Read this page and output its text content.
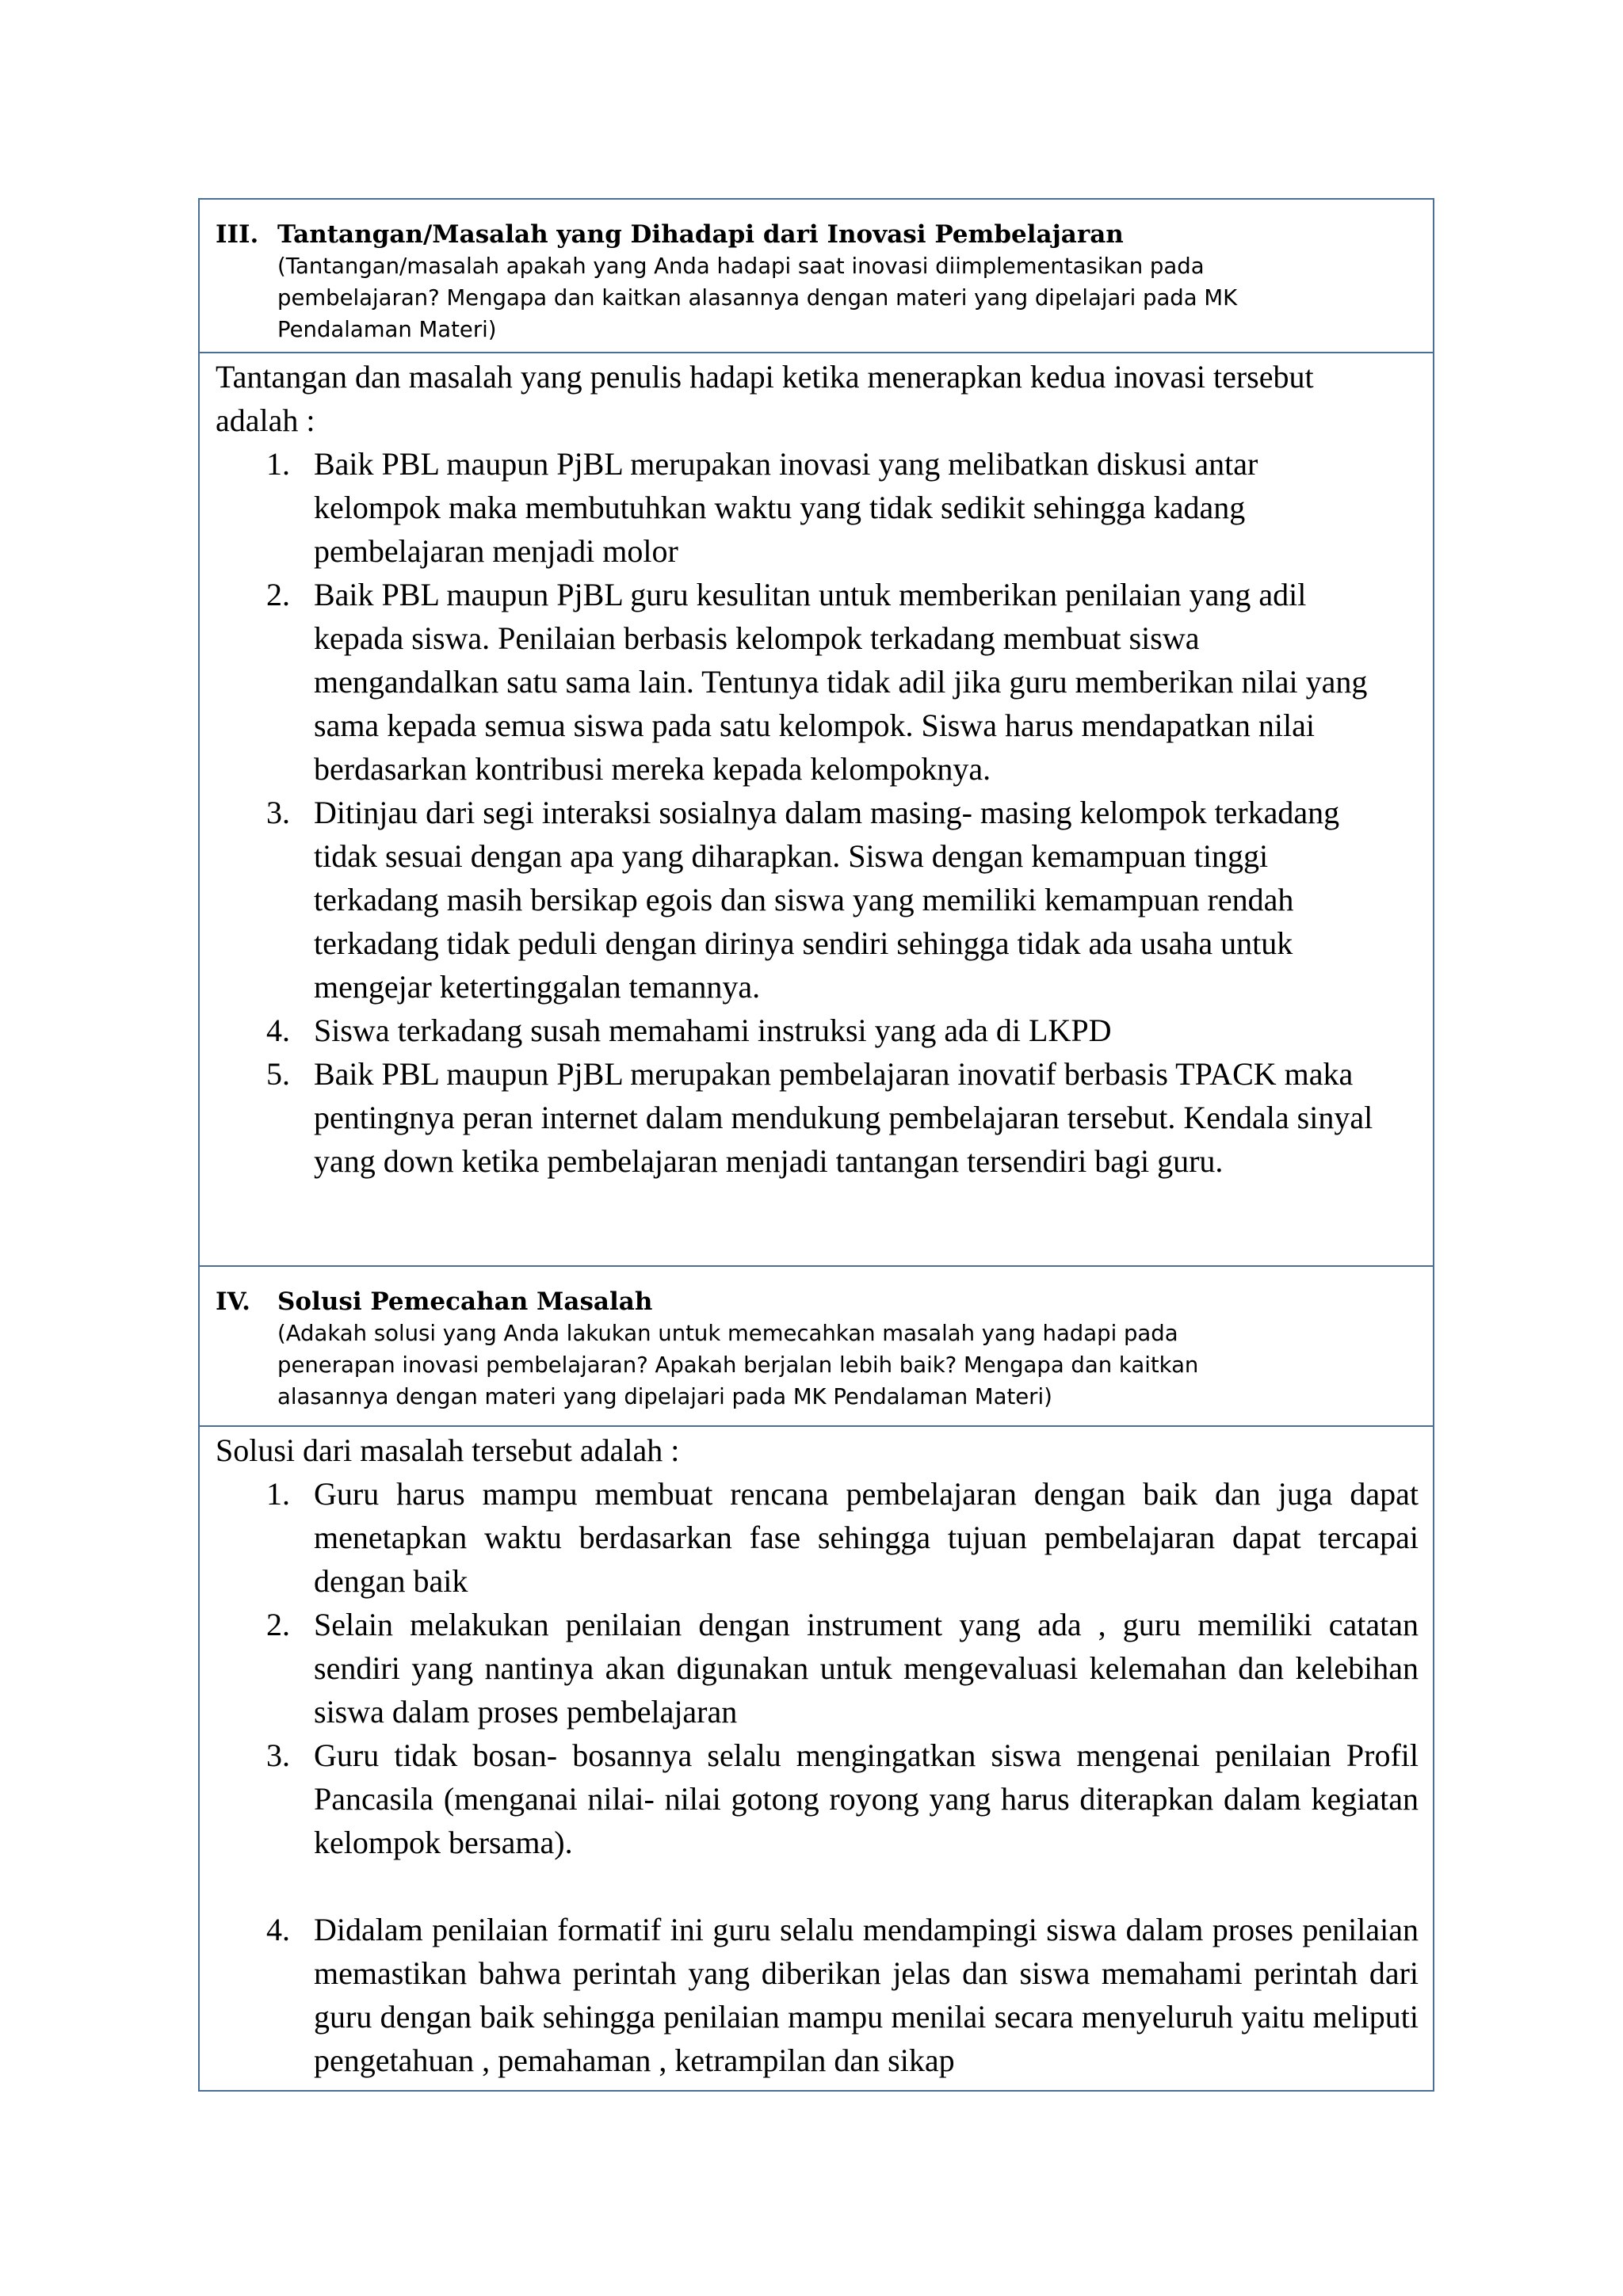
III. Tantangan/Masalah yang Dihadapi dari Inovasi Pembelajaran
(Tantangan/masalah apakah yang Anda hadapi saat inovasi diimplementasikan pada
pembelajaran? Mengapa dan kaitkan alasannya dengan materi yang dipelajari pada MK
Pendalaman Materi)
Tantangan dan masalah yang penulis hadapi ketika menerapkan kedua inovasi tersebut
adalah :
1. Baik PBL maupun PjBL merupakan inovasi yang melibatkan diskusi antar
kelompok maka membutuhkan waktu yang tidak sedikit sehingga kadang
pembelajaran menjadi molor
2. Baik PBL maupun PjBL guru kesulitan untuk memberikan penilaian yang adil
kepada siswa. Penilaian berbasis kelompok terkadang membuat siswa
mengandalkan satu sama lain. Tentunya tidak adil jika guru memberikan nilai yang
sama kepada semua siswa pada satu kelompok. Siswa harus mendapatkan nilai
berdasarkan kontribusi mereka kepada kelompoknya.
3. Ditinjau dari segi interaksi sosialnya dalam masing- masing kelompok terkadang
tidak sesuai dengan apa yang diharapkan. Siswa dengan kemampuan tinggi
terkadang masih bersikap egois dan siswa yang memiliki kemampuan rendah
terkadang tidak peduli dengan dirinya sendiri sehingga tidak ada usaha untuk
mengejar ketertinggalan temannya.
4. Siswa terkadang susah memahami instruksi yang ada di LKPD
5. Baik PBL maupun PjBL merupakan pembelajaran inovatif berbasis TPACK maka
pentingnya peran internet dalam mendukung pembelajaran tersebut. Kendala sinyal
yang down ketika pembelajaran menjadi tantangan tersendiri bagi guru.
IV.	Solusi Pemecahan Masalah
(Adakah solusi yang Anda lakukan untuk memecahkan masalah yang hadapi pada
penerapan inovasi pembelajaran? Apakah berjalan lebih baik? Mengapa dan kaitkan
alasannya dengan materi yang dipelajari pada MK Pendalaman Materi)
Solusi dari masalah tersebut adalah :
1. Guru harus mampu membuat rencana pembelajaran dengan baik dan juga dapat menetapkan waktu berdasarkan fase sehingga tujuan pembelajaran dapat tercapai dengan baik
2. Selain melakukan penilaian dengan instrument yang ada , guru memiliki catatan sendiri yang nantinya akan digunakan untuk mengevaluasi kelemahan dan kelebihan siswa dalam proses pembelajaran
3. Guru tidak bosan- bosannya selalu mengingatkan siswa mengenai penilaian Profil Pancasila (menganai nilai- nilai gotong royong yang harus diterapkan dalam kegiatan kelompok bersama).
4. Didalam penilaian formatif ini guru selalu mendampingi siswa dalam proses penilaian memastikan bahwa perintah yang diberikan jelas dan siswa memahami perintah dari guru dengan baik sehingga penilaian mampu menilai secara menyeluruh yaitu meliputi pengetahuan , pemahaman , ketrampilan dan sikap
